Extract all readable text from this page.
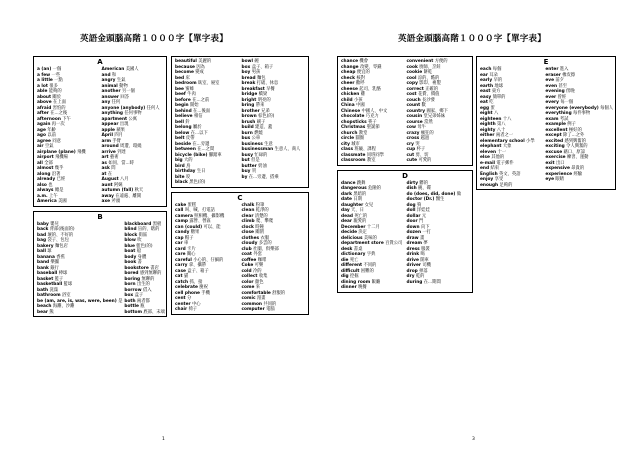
英語金頭腦高階１０００字【單字表】	英語金頭腦高階１０００字【單字表】
A
a (an) 一個	American 美國人
a few 一些	and 和
a little 一點	angry 生氣
a lot 很多	animal 動物
able 能夠的	another 另一個
about 關於	answer 回答
above 在上面	any 任何
afraid 害怕的	anyone (anybody) 任何人
after 在...之後	anything 任何事物
afternoon 下午	apartment 公寓
again 再一次	appear 出現
age 年齡	apple 蘋果
ago 以前	April 四月
agree 同意	arm 手臂
air 空氣	around 周遭、環繞
airplane (plane) 飛機	arrive 到達
airport 飛機場	art 藝術
all 全部	as 如同、當...時
almost 幾乎	ask 問
along 沿著	at 在
already 已經	August 八月
also 也	aunt 阿姨
always 總是	autumn (fall) 秋天
a.m. 上午	away 在遠處、離開
America 美國	axe 斧頭
B
baby 嬰兒	blackboard 黑板
back 背部(後面的)	blind 盲的、瞎的
bad 壞的、不好的	block 街區
bag 袋子、包包	blow 吹
bakery 麵包店	blue 藍色(的)
ball 球	boat 船
banana 香蕉	body 身體
band 樂團	book 書
bank 銀行	bookstore 書店
baseball 棒球	bored 感到無聊的
basket 籃子	boring 無聊的
basketball 籃球	born 出生的
bath 洗澡	borrow 借入
bathroom 浴室	box 盒子
be (am, are, is, was, were, been) 是 both 兩者都
beach 海灘、沙灘	bottle 瓶
bear 熊	bottom 底部、末端
beautiful 美麗的	bowl 碗
because 因為	box 盒子、箱子
become 變成	boy 男孩
bed 床	bread 麵包
bedroom 臥室、寢室	break 打破、休息
bee 蜜蜂	breakfast 早餐
beef 牛肉	bridge 橋梁
before 在...之前	bright 明亮的
begin 開始	bring 帶來
behind 在...後面	brother 兄弟
believe 相信	brown 棕色(的)
bell 鈴	brush 刷子
belong 屬於	build 建造、蓋
below 在...以下	burn 燃燒
belt 皮帶	bus 公車
beside 在...旁邊	business 生意
between 在...之間	businessman 生意人、商人
bicycle (bike) 腳踏車	busy 忙碌的
big 大的	but 但是
bird 鳥	butter 奶油
birthday 生日	buy 買
bite 咬	by 在...旁邊、搭乘
black 黑色(的)
C
cake 蛋糕	chalk 粉筆
call 叫、喊、打電話	clean 乾淨的
camera 照相機、攝影機	clear 清楚的
camp 露營、營區	climb 爬、攀爬
can (could) 可以、能	clock 時鐘
candy 糖果	close 關閉
cap 帽子	clothes 衣服
car 車	cloudy 多雲的
card 卡片	club 社團、俱樂部
care 關心	coat 外套
careful 小心的、仔細的	coffee 咖啡
carry 拿、攜帶	Coke 可樂
case 盒子、箱子	cold 冷的
cat 貓	collect 收集
catch 抓、接	color 顏色
celebrate 慶祝	come 來
cell phone 手機	comfortable 舒服的
cent 分	comic 漫畫
center 中心	common 共同的
chair 椅子	computer 電腦
chance 機會	convenient 方便的
change 改變、零錢	cook 廚師、烹飪
cheap 便宜的	cookie 餅乾
check 核對	cool 涼的、酷的
cheer 歡呼	copy 影印、複製
cheese 起司、乳酪	correct 正確的
chicken 雞	cost 花費、價值
child 小孩	couch 長沙發
China 中國	count 數
Chinese 中國人、中文	country 國家、鄉下
chocolate 巧克力	cousin 堂兄弟姊妹
chopsticks 筷子	course 當然
Christmas 聖誕節	cow 母牛
church 教堂	crazy 瘋狂的
circle 圓圈	cross 越過
city 城市	cry 哭
class 班級、課程	cup 杯子
classmate 同班同學	cut 剪、切
classroom 教室	cute 可愛的
D
dance 跳舞	dirty 髒的
dangerous 危險的	dish 碗、碟
dark 黑暗的	do (does, did, done) 做
date 日期	doctor (Dr.) 醫生
daughter 女兒	dog 狗
day 天、日	doll 洋娃娃
dead 死亡的	dollar 元
dear 親愛的	door 門
December 十二月	down 向下
decide 決定	dozen 一打
delicious 美味的	draw 畫
department store 百貨公司 dream 夢
desk 書桌	dress 服裝
dictionary 字典	drink 喝
die 死亡	drive 開車
different 不同的	driver 司機
difficult 困難的	drop 掉落
dig 挖掘	dry 乾的
dining room 飯廳	during 在...期間
dinner 晚餐
E
each 每個	enter 進入
ear 耳朵	eraser 橡皮擦
early 早的	eve 前夕
earth 地球	even 甚至
east 東方	evening 傍晚
easy 簡單的	ever 曾經
eat 吃	every 每一個
egg 蛋	everyone (everybody) 每個人
eight 八	everything 每件事物
eighteen 十八	exam 考試
eighth 第八	example 例子
eighty 八十	excellent 極好的
either 兩者之一	except 除了...之外
elementary school 小學	excited 感到興奮的
elephant 大象	exciting 令人興奮的
eleven 十一	excuse 藉口、原諒
else 其他的	exercise 練習、運動
e-mail 電子郵件	exit 出口
end 結束	expensive 昂貴的
English 英文、英語	experience 經驗
enjoy 享受	eye 眼睛
enough 足夠的
1	3
